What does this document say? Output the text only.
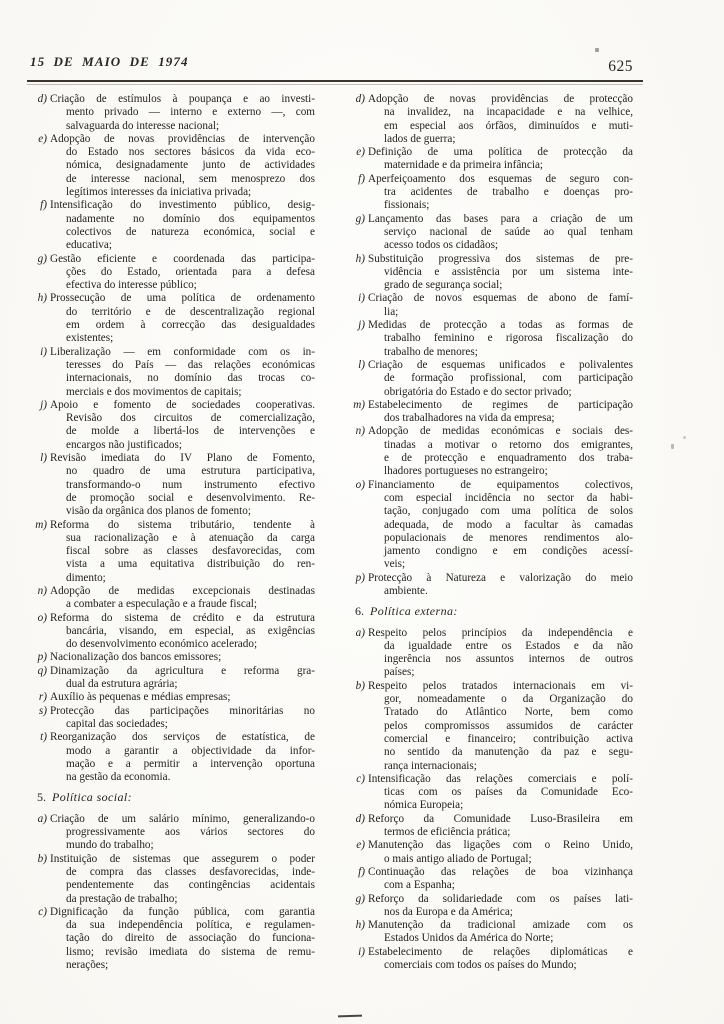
15 DE MAIO DE 1974	625
d) Criação de estímulos à poupança e ao investi-
mento privado — interno e externo —, com
salvaguarda do interesse nacional;
e) Adopção de novas providências de intervenção
do Estado nos sectores básicos da vida eco-
nómica, designadamente junto de actividades
de interesse nacional, sem menosprezo dos
legítimos interesses da iniciativa privada;
f) Intensificação do investimento público, desig-
nadamente no domínio dos equipamentos
colectivos de natureza económica, social e
educativa;
g) Gestão eficiente e coordenada das participa-
ções do Estado, orientada para a defesa
efectiva do interesse público;
h) Prossecução de uma política de ordenamento
do território e de descentralização regional
em ordem à correcção das desigualdades
existentes;
i) Liberalização — em conformidade com os in-
teresses do País — das relações económicas
internacionais, no domínio das trocas co-
merciais e dos movimentos de capitais;
j) Apoio e fomento de sociedades cooperativas.
Revisão dos circuitos de comercialização,
de molde a libertá-los de intervenções e
encargos não justificados;
l) Revisão imediata do IV Plano de Fomento,
no quadro de uma estrutura participativa,
transformando-o num instrumento efectivo
de promoção social e desenvolvimento. Re-
visão da orgânica dos planos de fomento;
m) Reforma do sistema tributário, tendente à
sua racionalização e à atenuação da carga
fiscal sobre as classes desfavorecidas, com
vista a uma equitativa distribuição do ren-
dimento;
n) Adopção de medidas excepcionais destinadas
a combater a especulação e a fraude fiscal;
o) Reforma do sistema de crédito e da estrutura
bancária, visando, em especial, as exigências
do desenvolvimento económico acelerado;
p) Nacionalização dos bancos emissores;
q) Dinamização da agricultura e reforma gra-
dual da estrutura agrária;
r) Auxílio às pequenas e médias empresas;
s) Protecção das participações minoritárias no
capital das sociedades;
t) Reorganização dos serviços de estatística, de
modo a garantir a objectividade da infor-
mação e a permitir a intervenção oportuna
na gestão da economia.
5. Política social:
a) Criação de um salário mínimo, generalizando-o
progressivamente aos vários sectores do
mundo do trabalho;
b) Instituição de sistemas que assegurem o poder
de compra das classes desfavorecidas, inde-
pendentemente das contingências acidentais
da prestação de trabalho;
c) Dignificação da função pública, com garantia
da sua independência política, e regulamen-
tação do direito de associação do funciona-
lismo; revisão imediata do sistema de remu-
nerações;
d) Adopção de novas providências de protecção
na invalidez, na incapacidade e na velhice,
em especial aos órfãos, diminuídos e muti-
lados de guerra;
e) Definição de uma política de protecção da
maternidade e da primeira infância;
f) Aperfeiçoamento dos esquemas de seguro con-
tra acidentes de trabalho e doenças pro-
fissionais;
g) Lançamento das bases para a criação de um
serviço nacional de saúde ao qual tenham
acesso todos os cidadãos;
h) Substituição progressiva dos sistemas de pre-
vidência e assistência por um sistema inte-
grado de segurança social;
i) Criação de novos esquemas de abono de famí-
lia;
j) Medidas de protecção a todas as formas de
trabalho feminino e rigorosa fiscalização do
trabalho de menores;
l) Criação de esquemas unificados e polivalentes
de formação profissional, com participação
obrigatória do Estado e do sector privado;
m) Estabelecimento de regimes de participação
dos trabalhadores na vida da empresa;
n) Adopção de medidas económicas e sociais des-
tinadas a motivar o retorno dos emigrantes,
e de protecção e enquadramento dos traba-
lhadores portugueses no estrangeiro;
o) Financiamento de equipamentos colectivos,
com especial incidência no sector da habi-
tação, conjugado com uma política de solos
adequada, de modo a facultar às camadas
populacionais de menores rendimentos alo-
jamento condigno e em condições acessí-
veis;
p) Protecção à Natureza e valorização do meio
ambiente.
6. Política externa:
a) Respeito pelos princípios da independência e
da igualdade entre os Estados e da não
ingerência nos assuntos internos de outros
países;
b) Respeito pelos tratados internacionais em vi-
gor, nomeadamente o da Organização do
Tratado do Atlântico Norte, bem como
pelos compromissos assumidos de carácter
comercial e financeiro; contribuição activa
no sentido da manutenção da paz e segu-
rança internacionais;
c) Intensificação das relações comerciais e polí-
ticas com os países da Comunidade Eco-
nómica Europeia;
d) Reforço da Comunidade Luso-Brasileira em
termos de eficiência prática;
e) Manutenção das ligações com o Reino Unido,
o mais antigo aliado de Portugal;
f) Continuação das relações de boa vizinhança
com a Espanha;
g) Reforço da solidariedade com os países lati-
nos da Europa e da América;
h) Manutenção da tradicional amizade com os
Estados Unidos da América do Norte;
i) Estabelecimento de relações diplomáticas e
comerciais com todos os países do Mundo;
